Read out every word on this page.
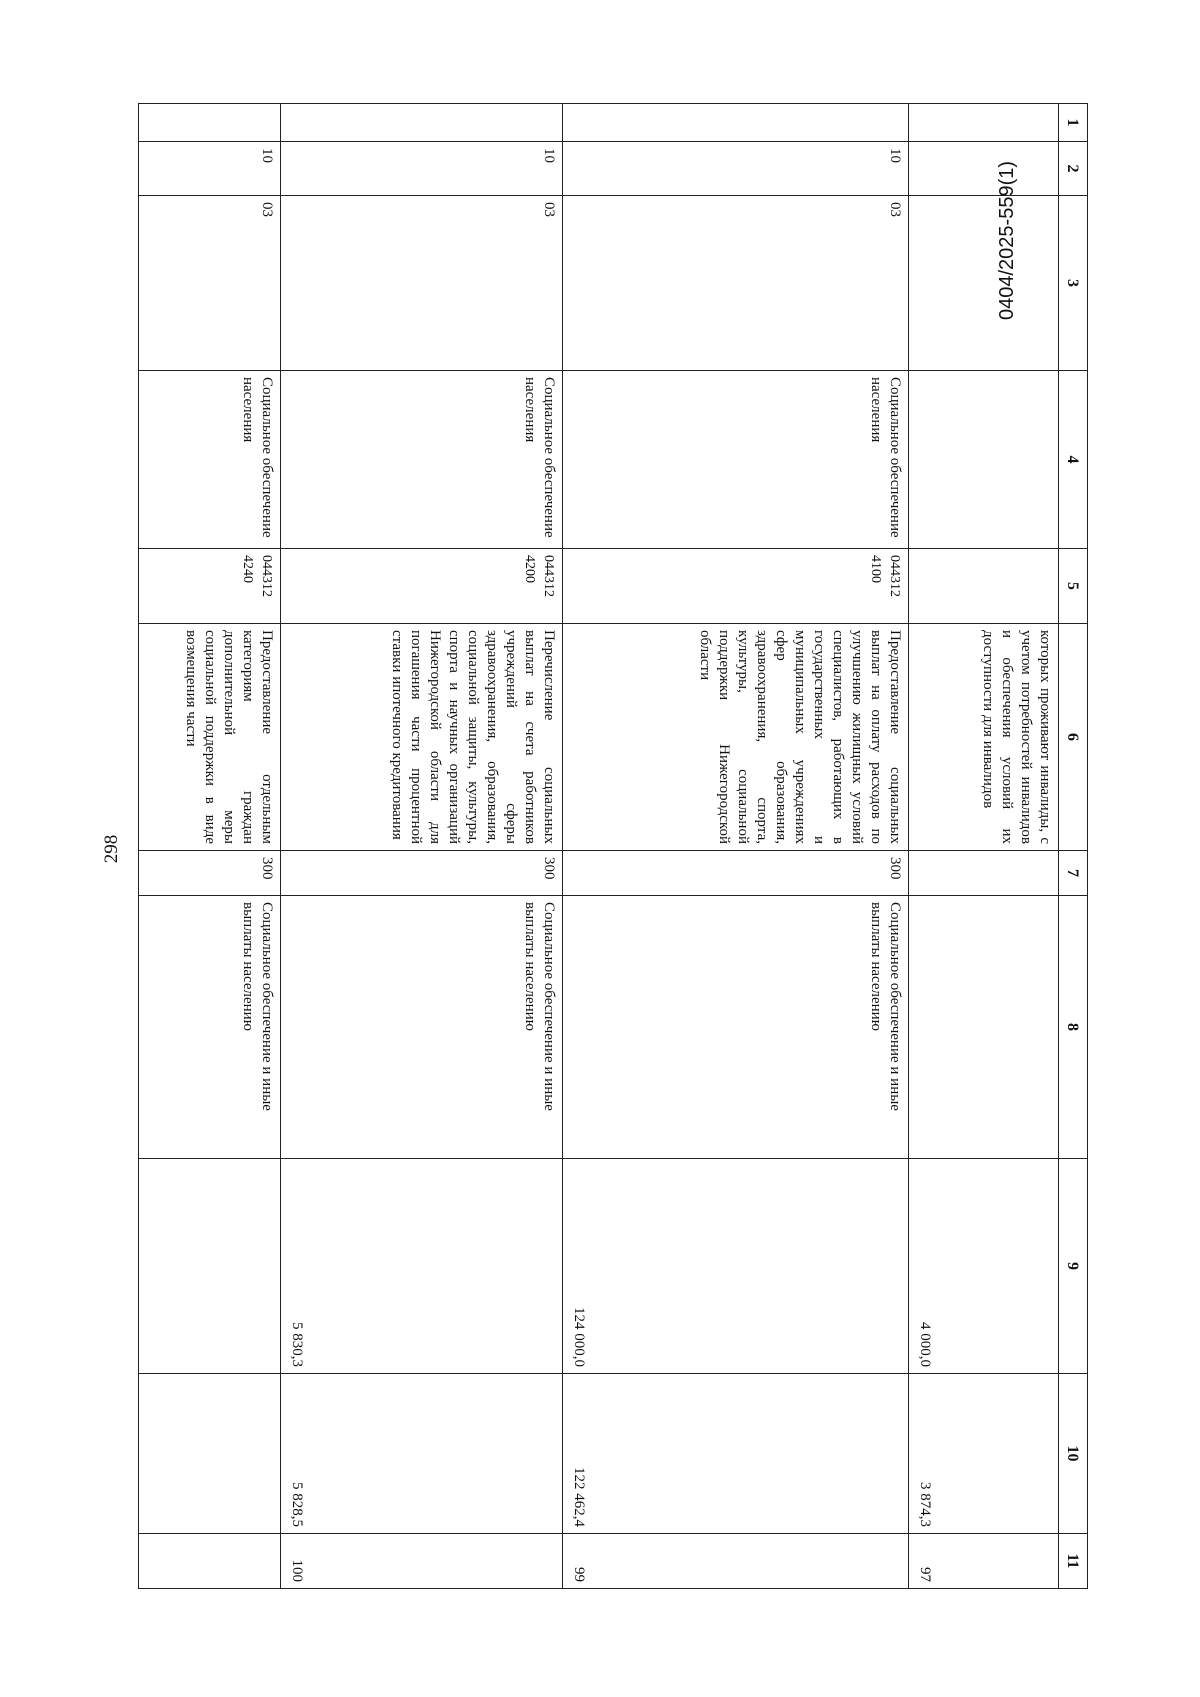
298
1	2	3	4	5	6	7	8	9	10	11
					которых проживают инвалиды, с учетом потребностей инвалидов и обеспечения условий их доступности для инвалидов			4 000,0	3 874,3	97
	10	03	Социальное обеспечение населения	044312 4100	Предоставление социальных выплат на оплату расходов по улучшению жилищных условий специалистов, работающих в государственных и муниципальных учреждениях сфер образования, здравоохранения, спорта, культуры, социальной поддержки Нижегородской области	300	Социальное обеспечение и иные выплаты населению	124 000,0	122 462,4	99
	10	03	Социальное обеспечение населения	044312 4200	Перечисление социальных выплат на счета работников учреждений сферы здравоохранения, образования, социальной защиты, культуры, спорта и научных организаций Нижегородской области для погашения части процентной ставки ипотечного кредитования	300	Социальное обеспечение и иные выплаты населению	5 830,3	5 828,5	100
	10	03	Социальное обеспечение населения	044312 4240	Предоставление отдельным категориям граждан дополнительной меры социальной поддержки в виде возмещения части	300	Социальное обеспечение и иные выплаты населению			
0404/2025-559(1)
